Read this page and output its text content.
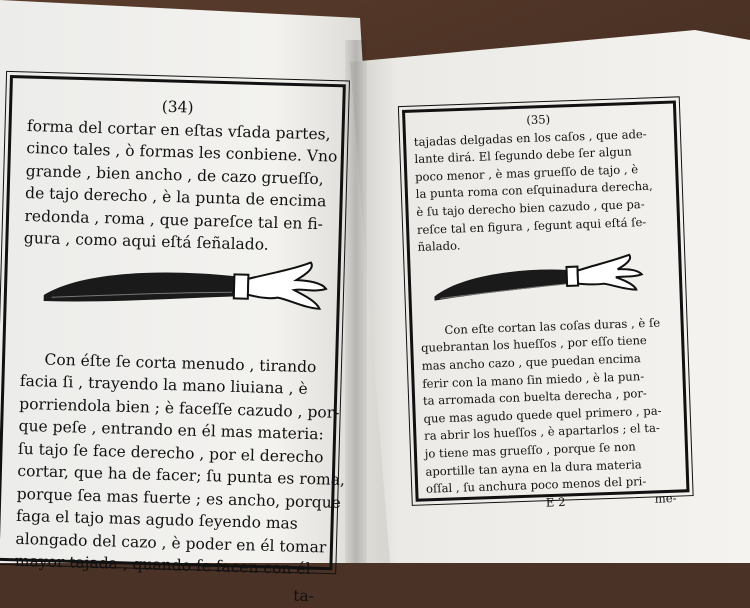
(34)
forma del cortar en eſtas vſada partes,
cinco tales , ò formas les conbiene. Vno
grande , bien ancho , de cazo grueſſo,
de tajo derecho , è la punta de encima
redonda , roma , que pareſce tal en fi-
gura , como aqui eſtá ſeñalado.
Con éſte ſe corta menudo , tirando
facia ſi , trayendo la mano liuiana , è
porriendola bien ; è faceſſe cazudo , por-
que peſe , entrando en él mas materia:
ſu tajo ſe face derecho , por el derecho
cortar, que ha de facer; ſu punta es roma,
porque ſea mas fuerte ; es ancho, porque
faga el tajo mas agudo ſeyendo mas
alongado del cazo , è poder en él tomar
mayor tajada , quando ſe facen con él
ta-
(35)
tajadas delgadas en los caſos , que ade-
lante dirá. El ſegundo debe ſer algun
poco menor , è mas grueſſo de tajo , è
la punta roma con eſquinadura derecha,
è ſu tajo derecho bien cazudo , que pa-
reſce tal en figura , ſegunt aqui eſtá ſe-
ñalado.
Con eſte cortan las coſas duras , è ſe
quebrantan los hueſſos , por eſſo tiene
mas ancho cazo , que puedan encima
ferir con la mano ſin miedo , è la pun-
ta arromada con buelta derecha , por-
que mas agudo quede quel primero , pa-
ra abrir los hueſſos , è apartarlos ; el ta-
jo tiene mas grueſſo , porque ſe non
aportille tan ayna en la dura materia
oſſal , ſu anchura poco menos del pri-
E 2	me-
